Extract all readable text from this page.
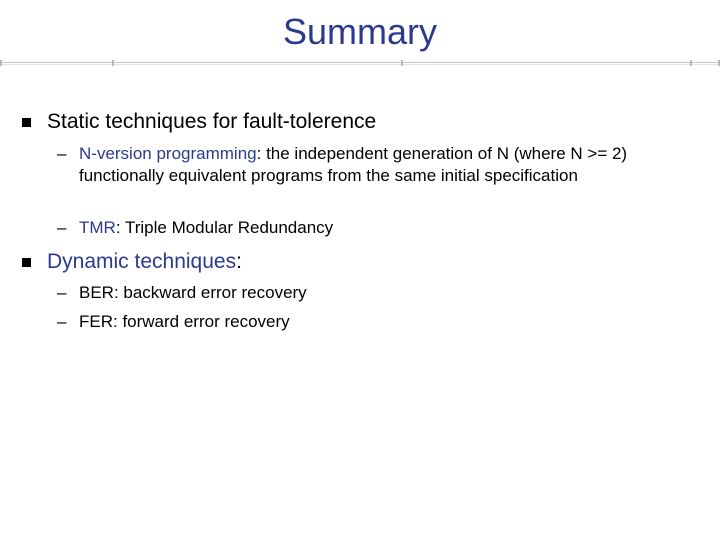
Summary
Static techniques for fault-tolerence
– N-version programming: the independent generation of N (where N >= 2) functionally equivalent programs from the same initial specification
– TMR: Triple Modular Redundancy
Dynamic techniques:
– BER: backward error recovery
– FER: forward error recovery
